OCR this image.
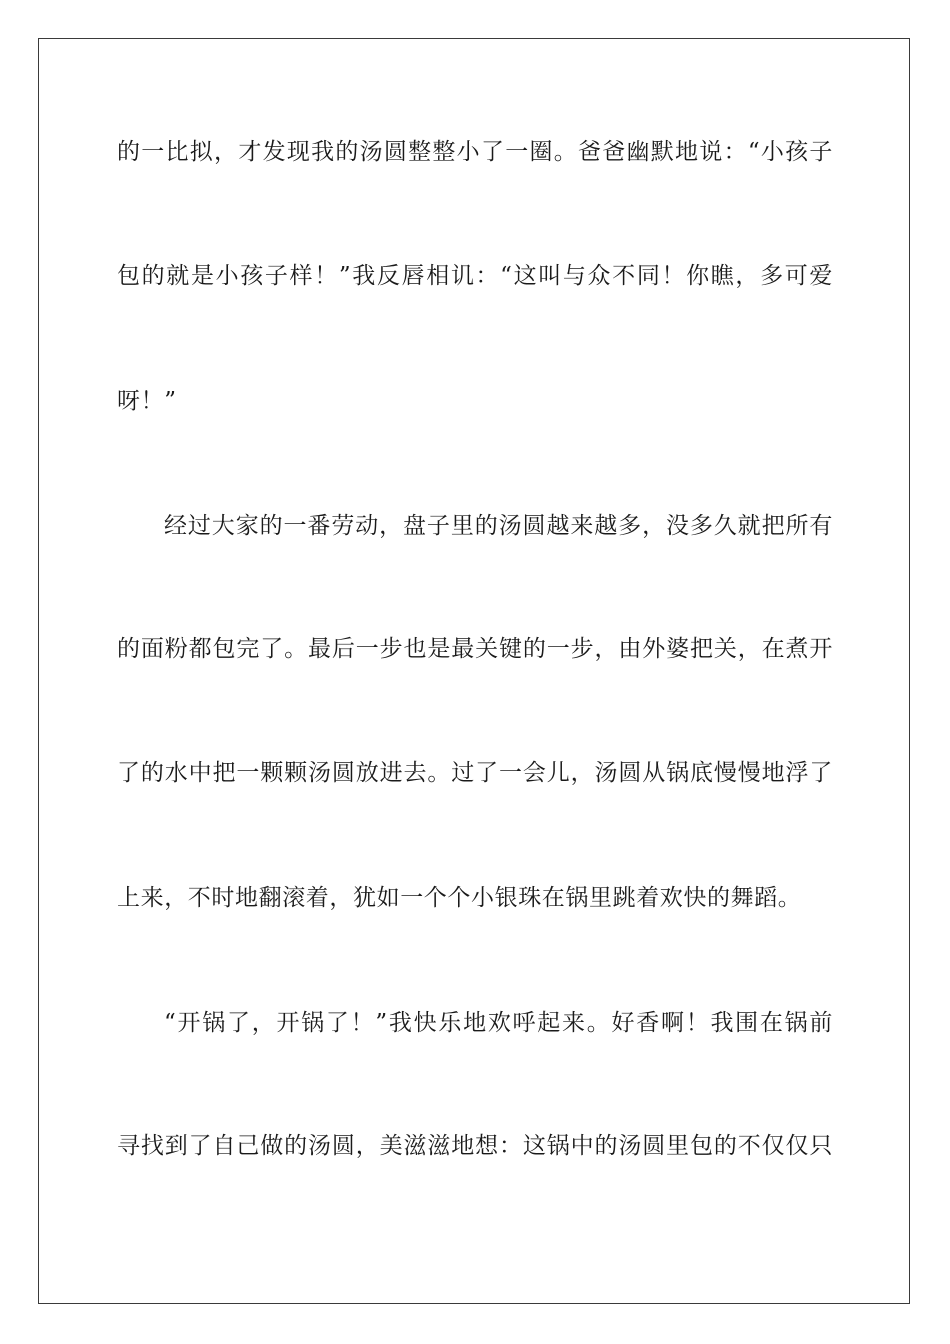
的一比拟，才发现我的汤圆整整小了一圈。爸爸幽默地说：“小孩子
包的就是小孩子样！”我反唇相讥：“这叫与众不同！你瞧，多可爱
呀！”
经过大家的一番劳动，盘子里的汤圆越来越多，没多久就把所有
的面粉都包完了。最后一步也是最关键的一步，由外婆把关，在煮开
了的水中把一颗颗汤圆放进去。过了一会儿，汤圆从锅底慢慢地浮了
上来，不时地翻滚着，犹如一个个小银珠在锅里跳着欢快的舞蹈。
“开锅了，开锅了！”我快乐地欢呼起来。好香啊！我围在锅前
寻找到了自己做的汤圆，美滋滋地想：这锅中的汤圆里包的不仅仅只
